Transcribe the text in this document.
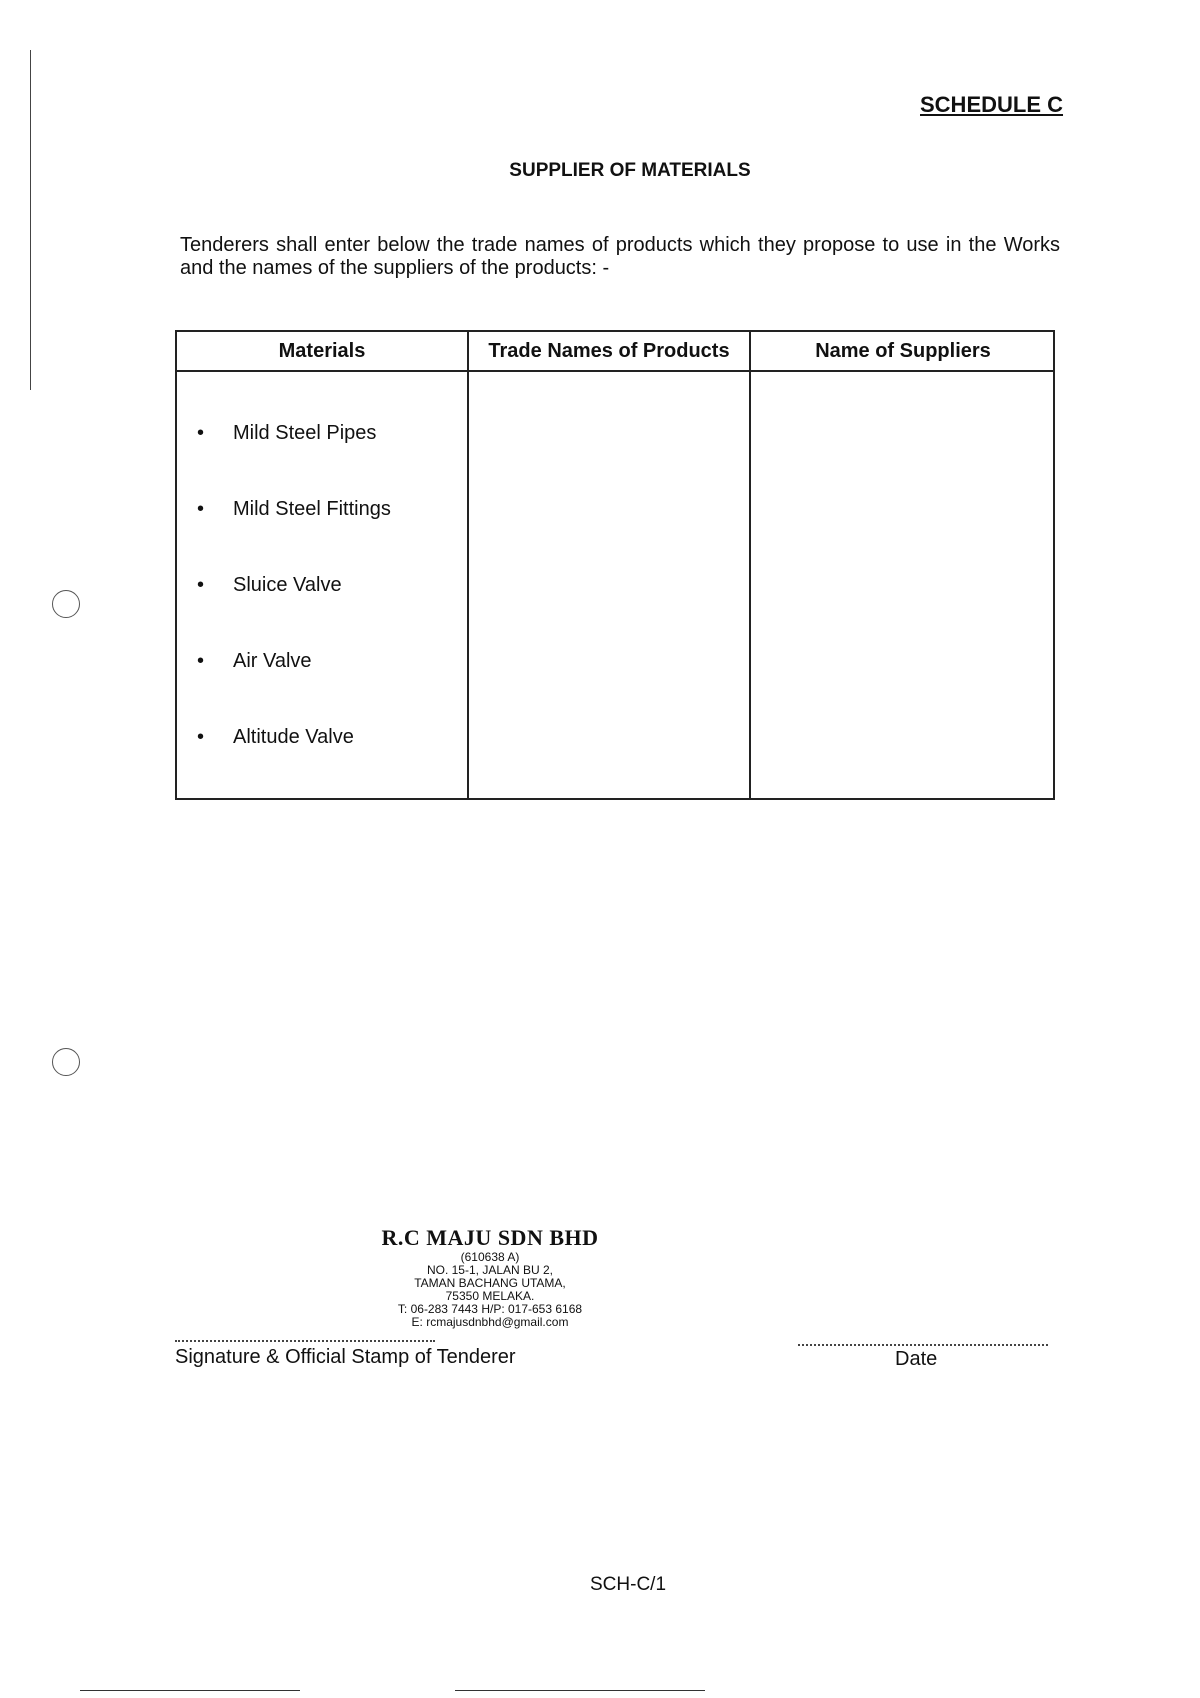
SCHEDULE C
SUPPLIER OF MATERIALS
Tenderers shall enter below the trade names of products which they propose to use in the Works and the names of the suppliers of the products: -
Materials	Trade Names of Products	Name of Suppliers
• Mild Steel Pipes
• Mild Steel Fittings
• Sluice Valve
• Air Valve
• Altitude Valve
R.C MAJU SDN BHD
(610638 A)
NO. 15-1, JALAN BU 2,
TAMAN BACHANG UTAMA,
75350 MELAKA.
T: 06-283 7443 H/P: 017-653 6168
E: rcmajusdnbhd@gmail.com
Signature & Official Stamp of Tenderer	Date
SCH-C/1
